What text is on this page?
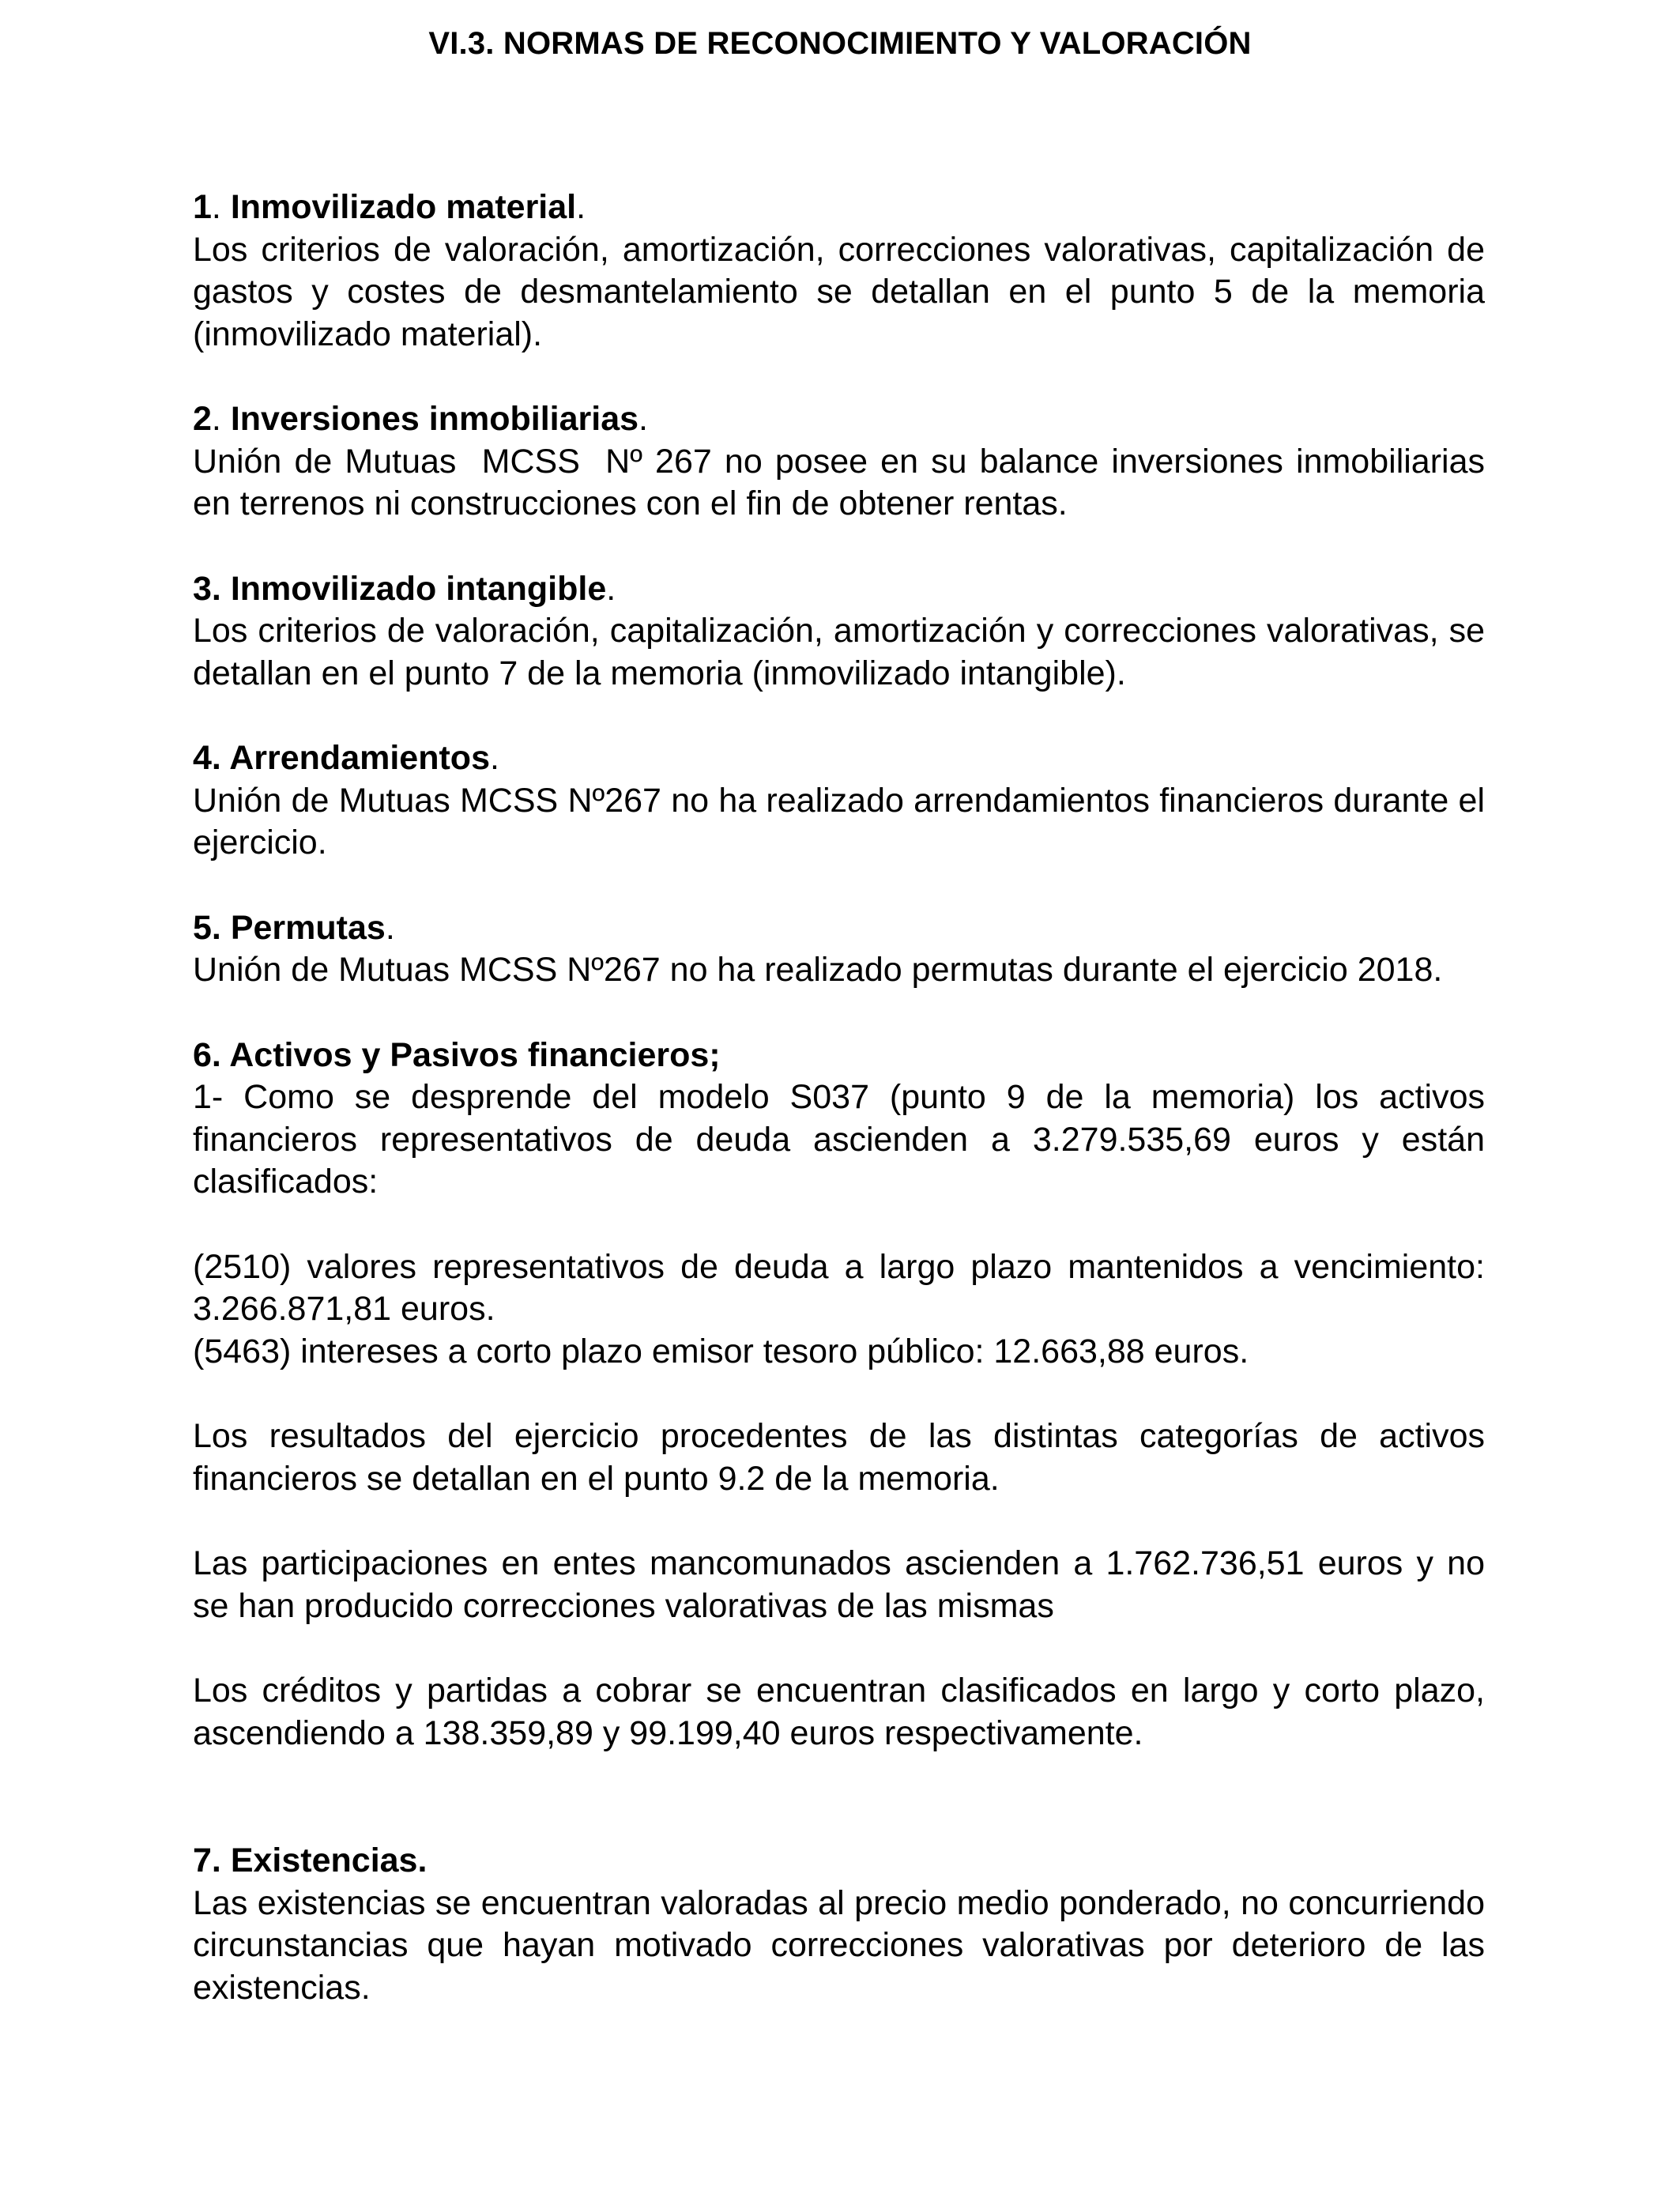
VI.3. NORMAS DE RECONOCIMIENTO Y VALORACIÓN

1. Inmovilizado material.

Los criterios de valoración, amortización, correcciones valorativas, capitalización de gastos y costes de desmantelamiento se detallan en el punto 5 de la memoria (inmovilizado material).

2. Inversiones inmobiliarias.

Unión de Mutuas  MCSS  Nº 267 no posee en su balance inversiones inmobiliarias en terrenos ni construcciones con el fin de obtener rentas.

3. Inmovilizado intangible.

Los criterios de valoración, capitalización, amortización y correcciones valorativas, se detallan en el punto 7 de la memoria (inmovilizado intangible).

4. Arrendamientos.

Unión de Mutuas MCSS Nº267 no ha realizado arrendamientos financieros durante el ejercicio.

5. Permutas.

Unión de Mutuas MCSS Nº267 no ha realizado permutas durante el ejercicio 2018.

6. Activos y Pasivos financieros;

1- Como se desprende del modelo S037 (punto 9 de la memoria) los activos financieros representativos de deuda ascienden a 3.279.535,69 euros y están clasificados:

(2510) valores representativos de deuda a largo plazo mantenidos a vencimiento:   3.266.871,81 euros.

(5463) intereses a corto plazo emisor tesoro público: 12.663,88 euros.

Los resultados del ejercicio procedentes de las distintas categorías de activos financieros se detallan en el punto 9.2 de la memoria.

Las participaciones en entes mancomunados ascienden a 1.762.736,51 euros y no se han producido correcciones valorativas de las mismas

Los créditos y partidas a cobrar se encuentran clasificados en largo y corto plazo, ascendiendo a 138.359,89 y 99.199,40 euros respectivamente.

7. Existencias.

Las existencias se encuentran valoradas al precio medio ponderado, no concurriendo circunstancias que hayan motivado correcciones valorativas por deterioro de las existencias.
